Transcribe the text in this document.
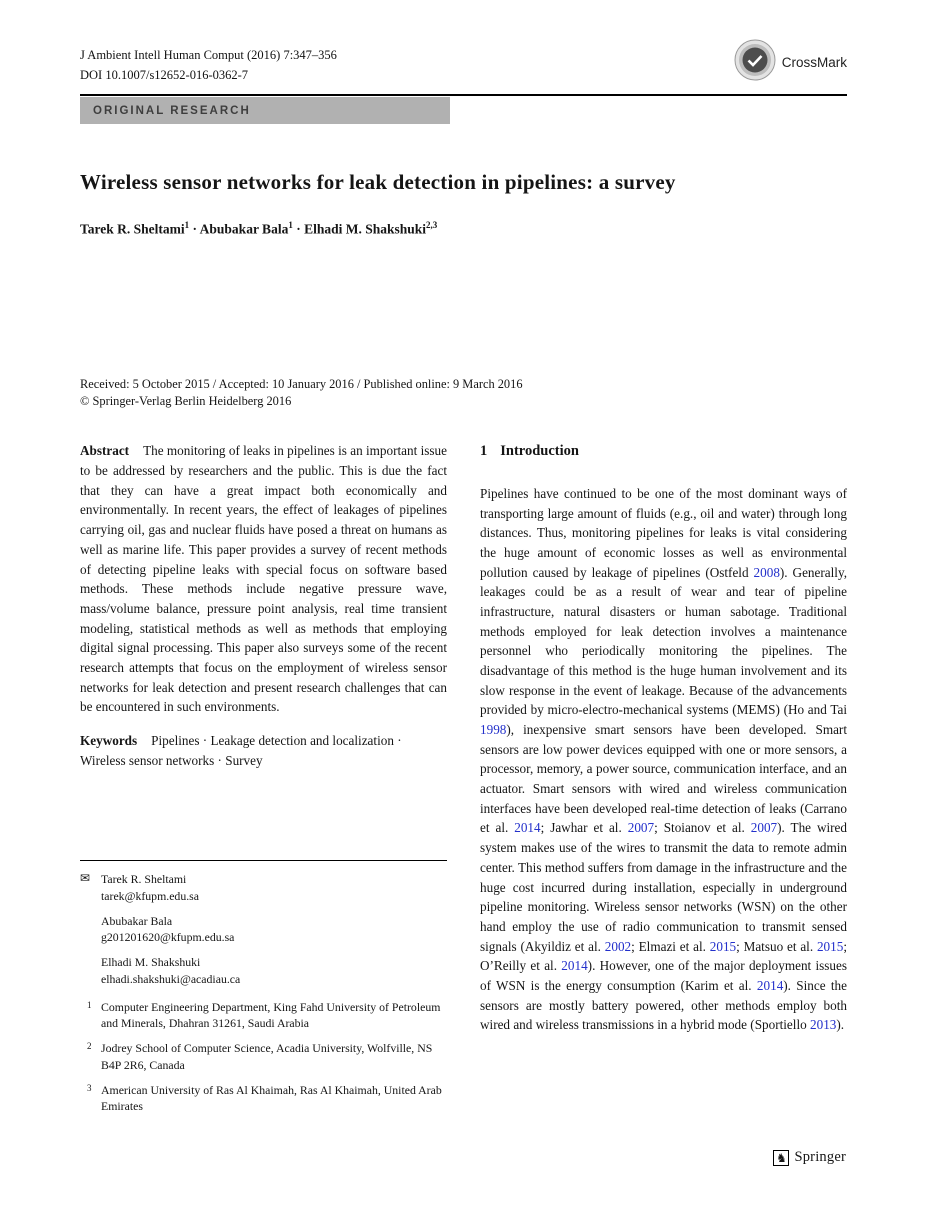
J Ambient Intell Human Comput (2016) 7:347–356
DOI 10.1007/s12652-016-0362-7
CrossMark
ORIGINAL RESEARCH
Wireless sensor networks for leak detection in pipelines: a survey
Tarek R. Sheltami$^1$ · Abubakar Bala$^1$ · Elhadi M. Shakshuki$^{2,3}$
Received: 5 October 2015 / Accepted: 10 January 2016 / Published online: 9 March 2016
© Springer-Verlag Berlin Heidelberg 2016

Abstract The monitoring of leaks in pipelines is an important issue to be addressed by researchers and the public. This is due the fact that they can have a great impact both economically and environmentally. In recent years, the effect of leakages of pipelines carrying oil, gas and nuclear fluids have posed a threat on humans as well as marine life. This paper provides a survey of recent methods of detecting pipeline leaks with special focus on software based methods. These methods include negative pressure wave, mass/volume balance, pressure point analysis, real time transient modeling, statistical methods as well as methods that employing digital signal processing. This paper also surveys some of the recent research attempts that focus on the employment of wireless sensor networks for leak detection and present research challenges that can be encountered in such environments.

Keywords Pipelines · Leakage detection and localization · Wireless sensor networks · Survey

✉ Tarek R. Sheltami
tarek@kfupm.edu.sa
Abubakar Bala
g201201620@kfupm.edu.sa
Elhadi M. Shakshuki
elhadi.shakshuki@acadiau.ca
1 Computer Engineering Department, King Fahd University of Petroleum and Minerals, Dhahran 31261, Saudi Arabia
2 Jodrey School of Computer Science, Acadia University, Wolfville, NS B4P 2R6, Canada
3 American University of Ras Al Khaimah, Ras Al Khaimah, United Arab Emirates
1 Introduction

Pipelines have continued to be one of the most dominant ways of transporting large amount of fluids (e.g., oil and water) through long distances. Thus, monitoring pipelines for leaks is vital considering the huge amount of economic losses as well as environmental pollution caused by leakage of pipelines (Ostfeld 2008). Generally, leakages could be as a result of wear and tear of pipeline infrastructure, natural disasters or human sabotage. Traditional methods employed for leak detection involves a maintenance personnel who periodically monitoring the pipelines. The disadvantage of this method is the huge human involvement and its slow response in the event of leakage. Because of the advancements provided by micro-electro-mechanical systems (MEMS) (Ho and Tai 1998), inexpensive smart sensors have been developed. Smart sensors are low power devices equipped with one or more sensors, a processor, memory, a power source, communication interface, and an actuator. Smart sensors with wired and wireless communication interfaces have been developed real-time detection of leaks (Carrano et al. 2014; Jawhar et al. 2007; Stoianov et al. 2007). The wired system makes use of the wires to transmit the data to remote admin center. This method suffers from damage in the infrastructure and the huge cost incurred during installation, especially in underground pipeline monitoring. Wireless sensor networks (WSN) on the other hand employ the use of radio communication to transmit sensed signals (Akyildiz et al. 2002; Elmazi et al. 2015; Matsuo et al. 2015; O’Reilly et al. 2014). However, one of the major deployment issues of WSN is the energy consumption (Karim et al. 2014). Since the sensors are mostly battery powered, other methods employ both wired and wireless transmissions in a hybrid mode (Sportiello 2013).

♞ Springer
